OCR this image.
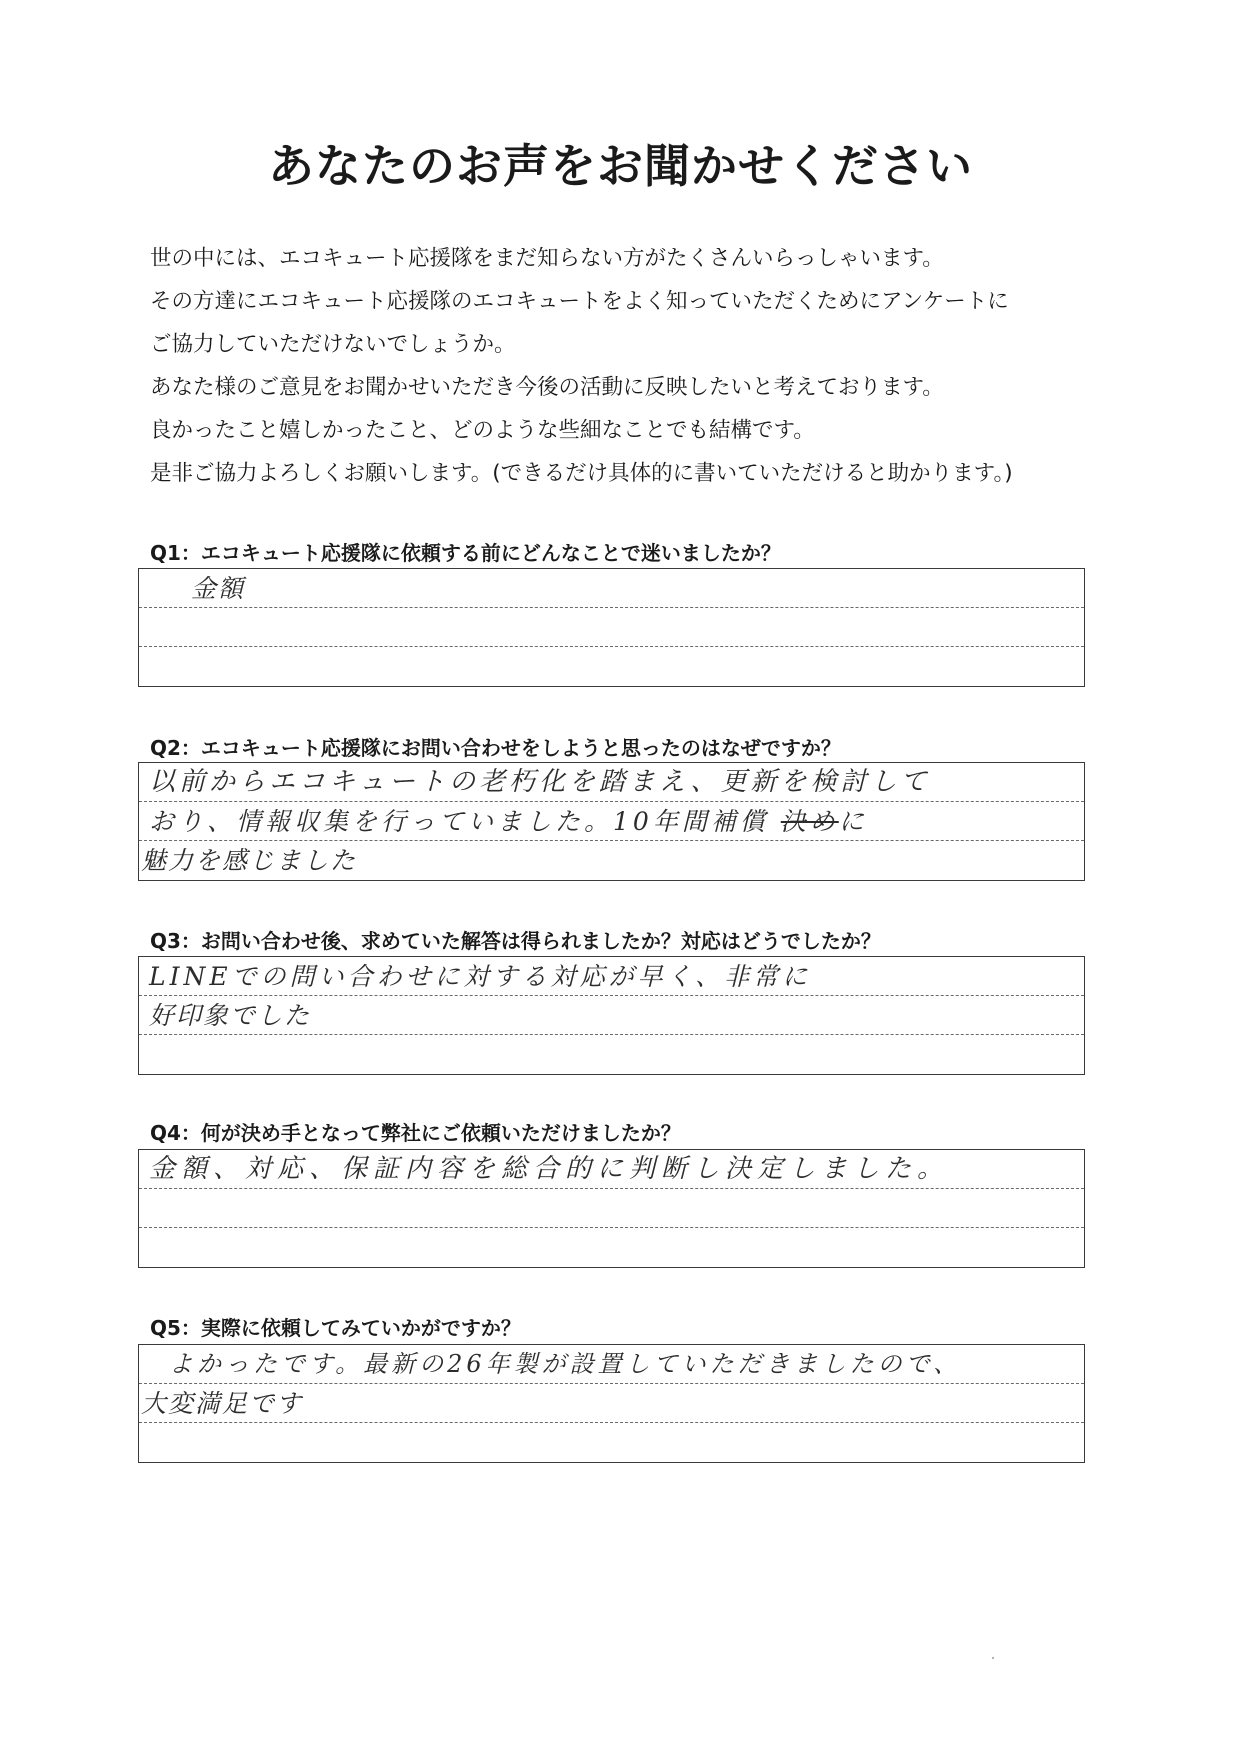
あなたのお声をお聞かせください
世の中には、エコキュート応援隊をまだ知らない方がたくさんいらっしゃいます。
その方達にエコキュート応援隊のエコキュートをよく知っていただくためにアンケートに
ご協力していただけないでしょうか。
あなた様のご意見をお聞かせいただき今後の活動に反映したいと考えております。
良かったこと嬉しかったこと、どのような些細なことでも結構です。
是非ご協力よろしくお願いします。(できるだけ具体的に書いていただけると助かります。)

Q1：エコキュート応援隊に依頼する前にどんなことで迷いましたか？

金額

Q2：エコキュート応援隊にお問い合わせをしようと思ったのはなぜですか？

以前からエコキュートの老朽化を踏まえ、更新を検討して
おり、情報収集を行っていました。10年間補償 決めに
魅力を感じました

Q3：お問い合わせ後、求めていた解答は得られましたか？対応はどうでしたか？

LINEでの問い合わせに対する対応が早く、非常に
好印象でした

Q4：何が決め手となって弊社にご依頼いただけましたか？

金額、対応、保証内容を総合的に判断し決定しました。

Q5：実際に依頼してみていかがですか？

よかったです。最新の26年製が設置していただきましたので、
大変満足です
